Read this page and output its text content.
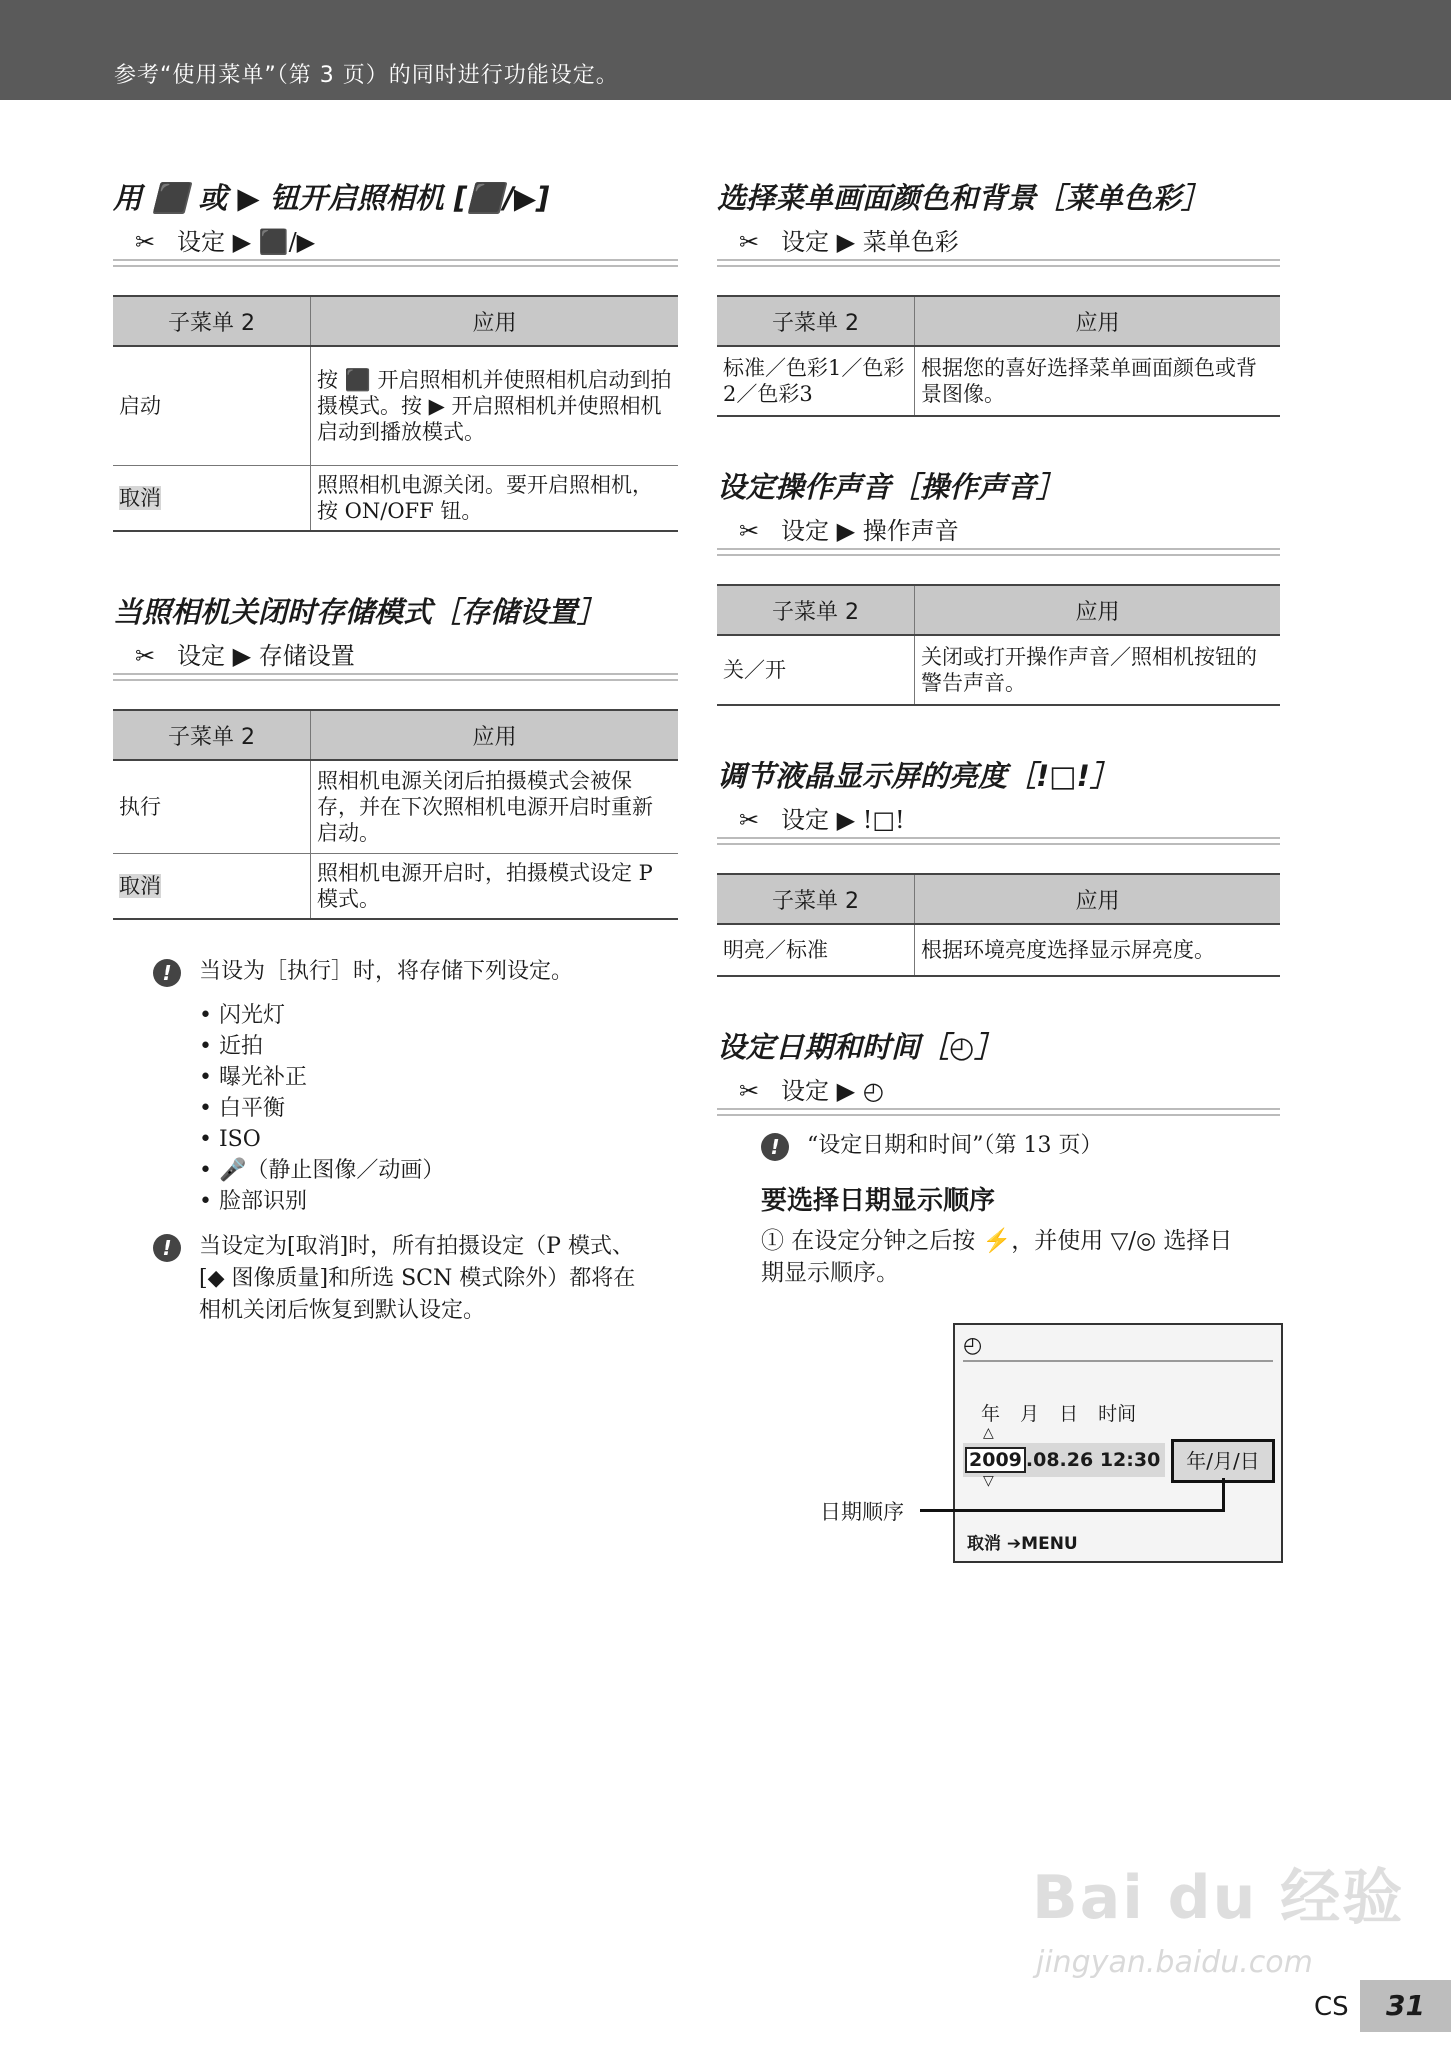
参考“使用菜单”（第 3 页）的同时进行功能设定。
用 ⬛ 或 ▶ 钮开启照相机 [⬛/▶]
✂ 设定 ▶ ⬛/▶
子菜单 2	应用
启动	按 ⬛ 开启照相机并使照相机启动到拍摄模式。按 ▶ 开启照相机并使照相机启动到播放模式。
取消	照照相机电源关闭。要开启照相机，按 ON/OFF 钮。
当照相机关闭时存储模式［存储设置］
✂ 设定 ▶ 存储设置
子菜单 2	应用
执行	照相机电源关闭后拍摄模式会被保存，并在下次照相机电源开启时重新启动。
取消	照相机电源开启时，拍摄模式设定 P 模式。
!	当设为［执行］时，将存储下列设定。
• 闪光灯
• 近拍
• 曝光补正
• 白平衡
• ISO
• 🎤（静止图像／动画）
• 脸部识别
!	当设定为[取消]时，所有拍摄设定（P 模式、[◆ 图像质量]和所选 SCN 模式除外）都将在相机关闭后恢复到默认设定。
选择菜单画面颜色和背景［菜单色彩］
✂ 设定 ▶ 菜单色彩
子菜单 2	应用
标准／色彩1／色彩2／色彩3	根据您的喜好选择菜单画面颜色或背景图像。
设定操作声音［操作声音］
✂ 设定 ▶ 操作声音
子菜单 2	应用
关／开	关闭或打开操作声音／照相机按钮的警告声音。
调节液晶显示屏的亮度［!□!］
✂ 设定 ▶ !□!
子菜单 2	应用
明亮／标准	根据环境亮度选择显示屏亮度。
设定日期和时间［◴］
✂ 设定 ▶ ◴
!	“设定日期和时间”（第 13 页）
要选择日期显示顺序
① 在设定分钟之后按 ⚡，并使用 ▽/◎ 选择日期显示顺序。
◴
年 月 日 时间
△
2009 .08.26 12:30
▽
年/月/日
取消 ➔MENU
日期顺序
Bai du 经验
jingyan.baidu.com
CS	31
